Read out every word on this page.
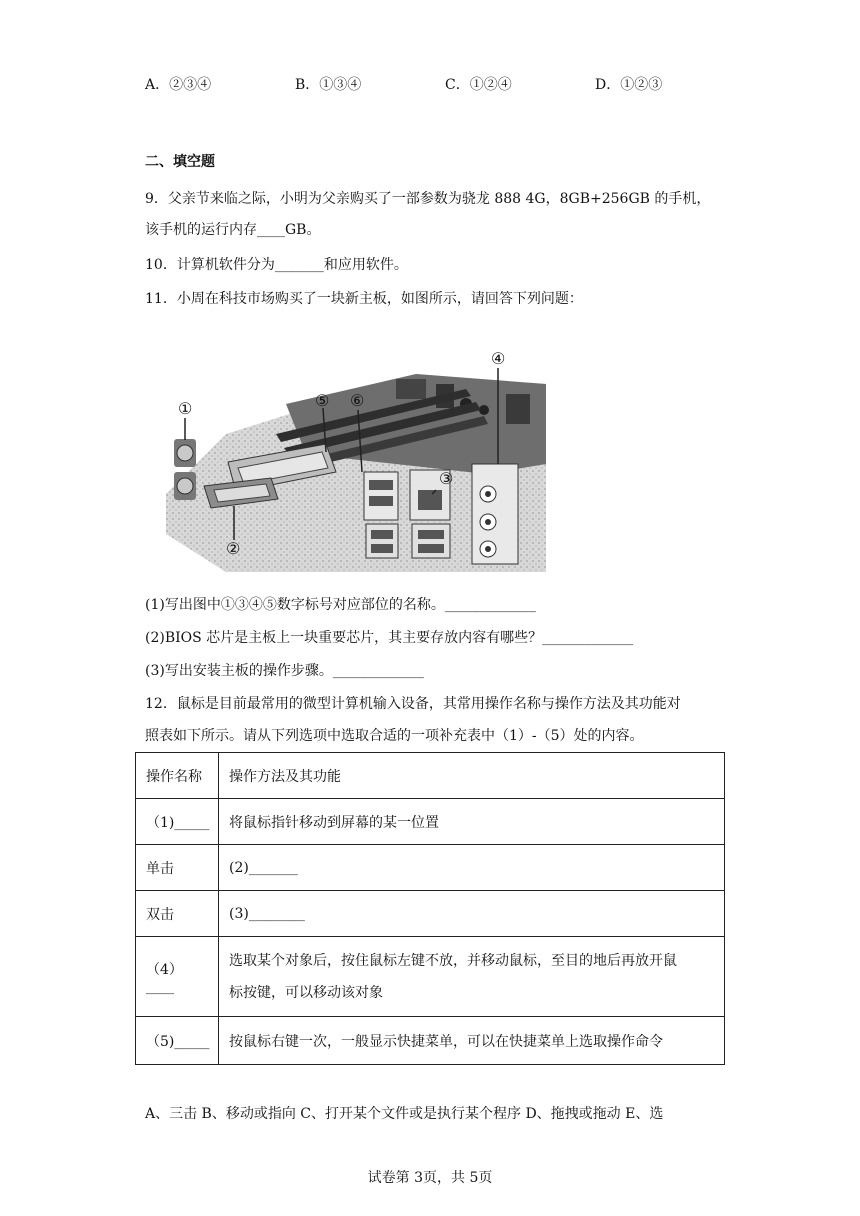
A．②③④	B．①③④	C．①②④	D．①②③
二、填空题
9．父亲节来临之际，小明为父亲购买了一部参数为骁龙 888 4G，8GB+256GB 的手机，
该手机的运行内存____GB。
10．计算机软件分为_______和应用软件。
11．小周在科技市场购买了一块新主板，如图所示，请回答下列问题：
①
②
③
④
⑤ ⑥
(1)写出图中①③④⑤数字标号对应部位的名称。_____________
(2)BIOS 芯片是主板上一块重要芯片，其主要存放内容有哪些？_____________
(3)写出安装主板的操作步骤。_____________
12．鼠标是目前最常用的微型计算机输入设备，其常用操作名称与操作方法及其功能对
照表如下所示。请从下列选项中选取合适的一项补充表中（1）-（5）处的内容。
操作名称	操作方法及其功能
（1)_____	将鼠标指针移动到屏幕的某一位置
单击	(2)_______
双击	(3)________
（4）____	选取某个对象后，按住鼠标左键不放，并移动鼠标，至目的地后再放开鼠
标按键，可以移动该对象

（5)_____	按鼠标右键一次，一般显示快捷菜单，可以在快捷菜单上选取操作命令
A、三击 B、移动或指向 C、打开某个文件或是执行某个程序 D、拖拽或拖动 E、选
试卷第 3页，共 5页
